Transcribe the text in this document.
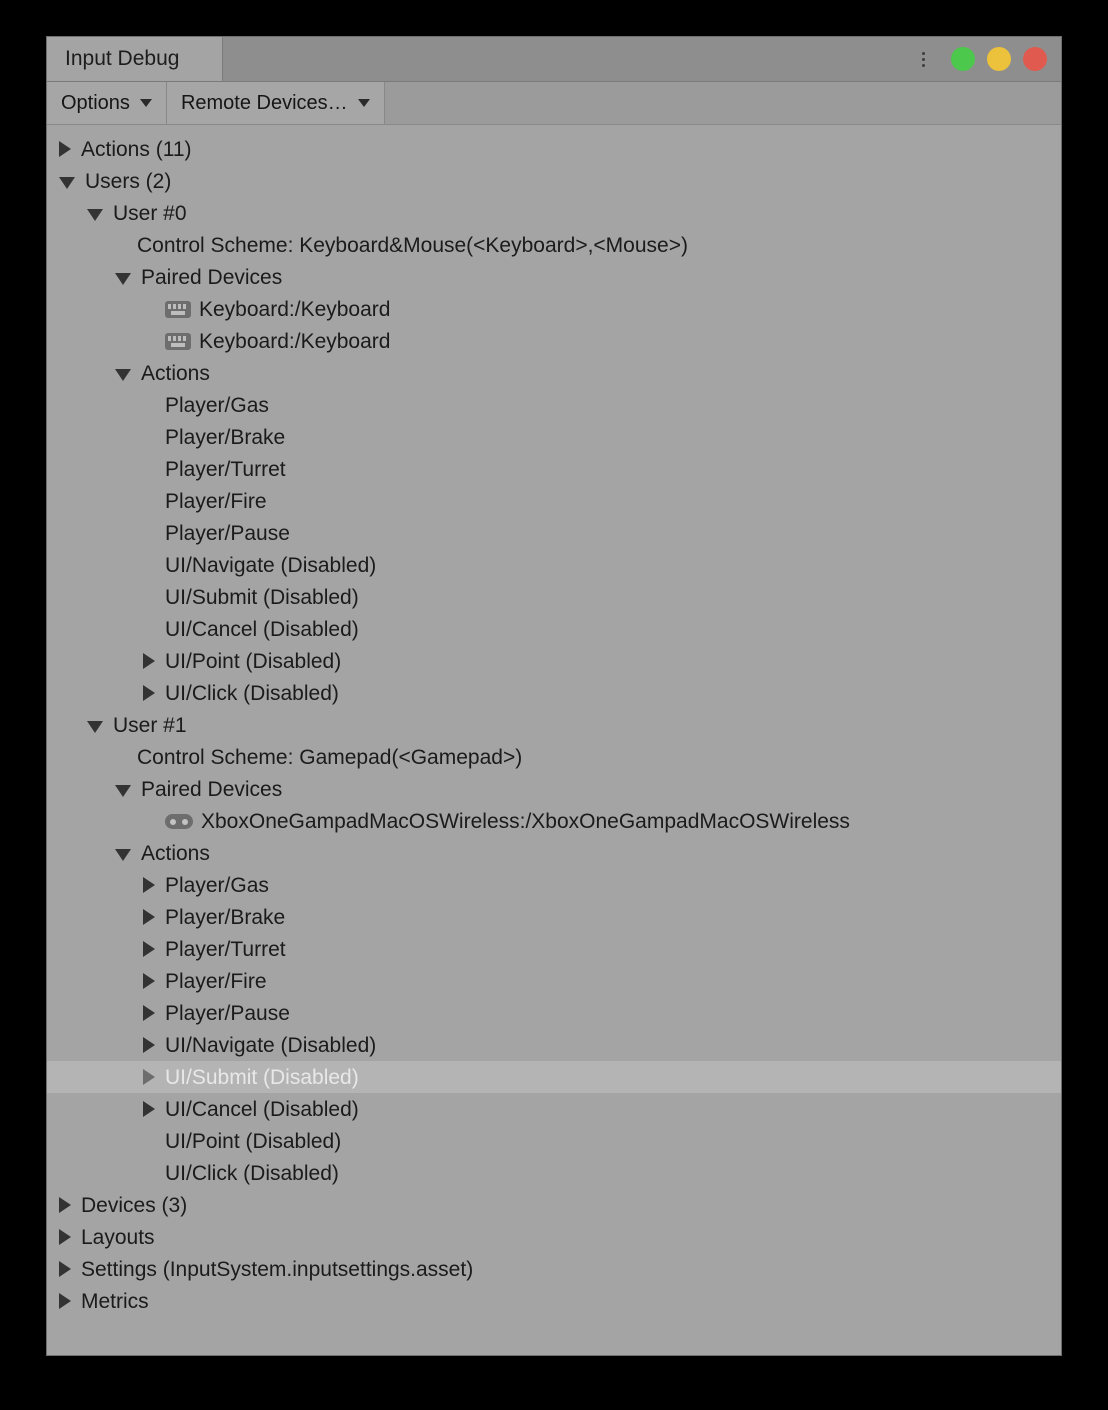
Input Debug
Options	Remote Devices…
Actions (11)
Users (2)
User #0
Control Scheme: Keyboard&Mouse(<Keyboard>,<Mouse>)
Paired Devices
Keyboard:/Keyboard
Keyboard:/Keyboard
Actions
Player/Gas
Player/Brake
Player/Turret
Player/Fire
Player/Pause
UI/Navigate (Disabled)
UI/Submit (Disabled)
UI/Cancel (Disabled)
UI/Point (Disabled)
UI/Click (Disabled)
User #1
Control Scheme: Gamepad(<Gamepad>)
Paired Devices
XboxOneGampadMacOSWireless:/XboxOneGampadMacOSWireless
Actions
Player/Gas
Player/Brake
Player/Turret
Player/Fire
Player/Pause
UI/Navigate (Disabled)
UI/Submit (Disabled)
UI/Cancel (Disabled)
UI/Point (Disabled)
UI/Click (Disabled)
Devices (3)
Layouts
Settings (InputSystem.inputsettings.asset)
Metrics
